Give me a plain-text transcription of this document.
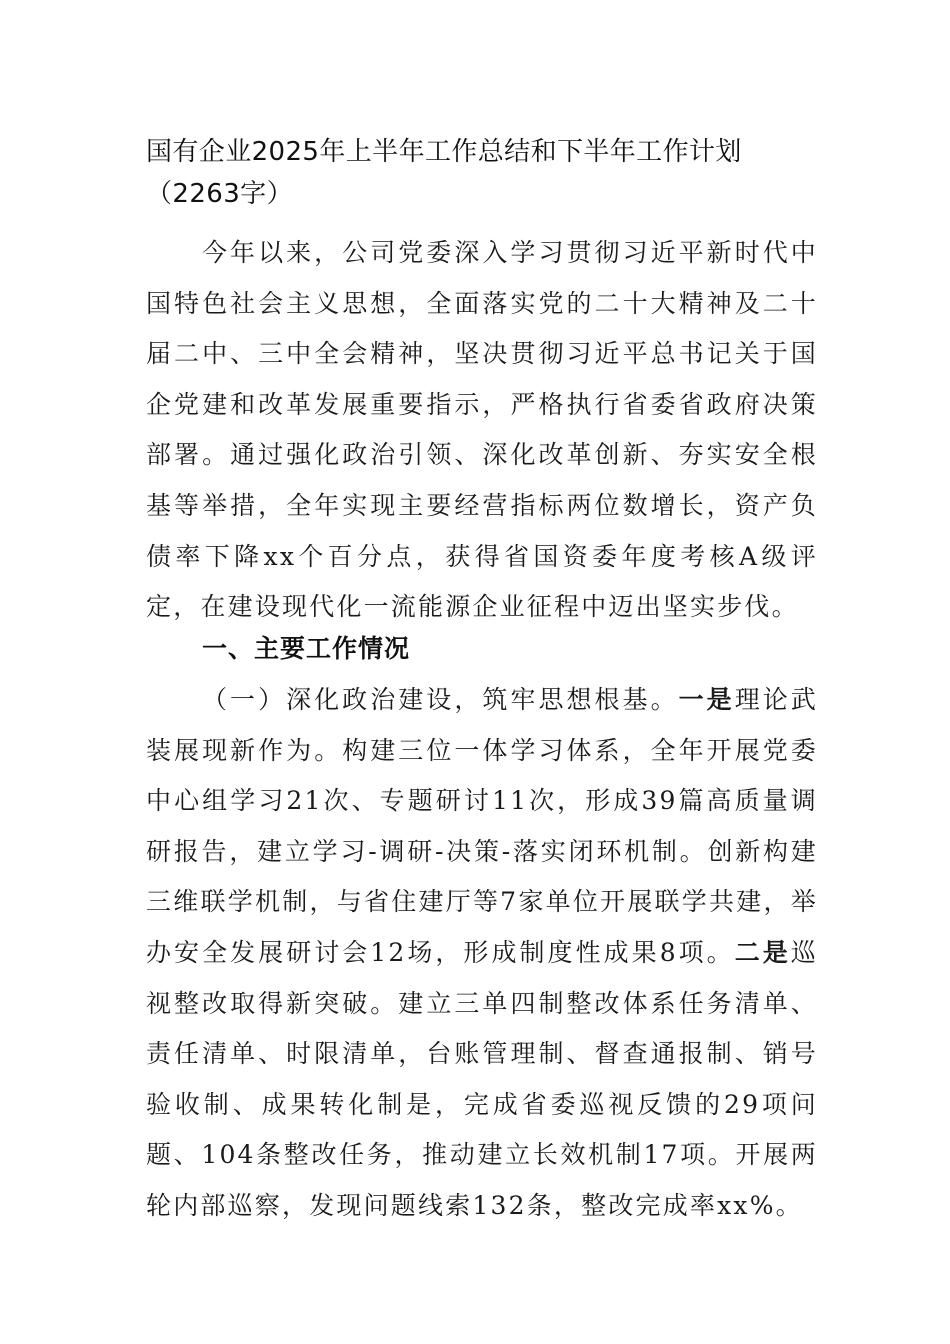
国有企业2025年上半年工作总结和下半年工作计划（2263字）

今年以来，公司党委深入学习贯彻习近平新时代中国特色社会主义思想，全面落实党的二十大精神及二十届二中、三中全会精神，坚决贯彻习近平总书记关于国企党建和改革发展重要指示，严格执行省委省政府决策部署。通过强化政治引领、深化改革创新、夯实安全根基等举措，全年实现主要经营指标两位数增长，资产负债率下降xx个百分点，获得省国资委年度考核A级评定，在建设现代化一流能源企业征程中迈出坚实步伐。

一、主要工作情况

（一）深化政治建设，筑牢思想根基。一是理论武装展现新作为。构建三位一体学习体系，全年开展党委中心组学习21次、专题研讨11次，形成39篇高质量调研报告，建立学习-调研-决策-落实闭环机制。创新构建三维联学机制，与省住建厅等7家单位开展联学共建，举办安全发展研讨会12场，形成制度性成果8项。二是巡视整改取得新突破。建立三单四制整改体系任务清单、责任清单、时限清单，台账管理制、督查通报制、销号验收制、成果转化制是，完成省委巡视反馈的29项问题、104条整改任务，推动建立长效机制17项。开展两轮内部巡察，发现问题线索132条，整改完成率xx%。
